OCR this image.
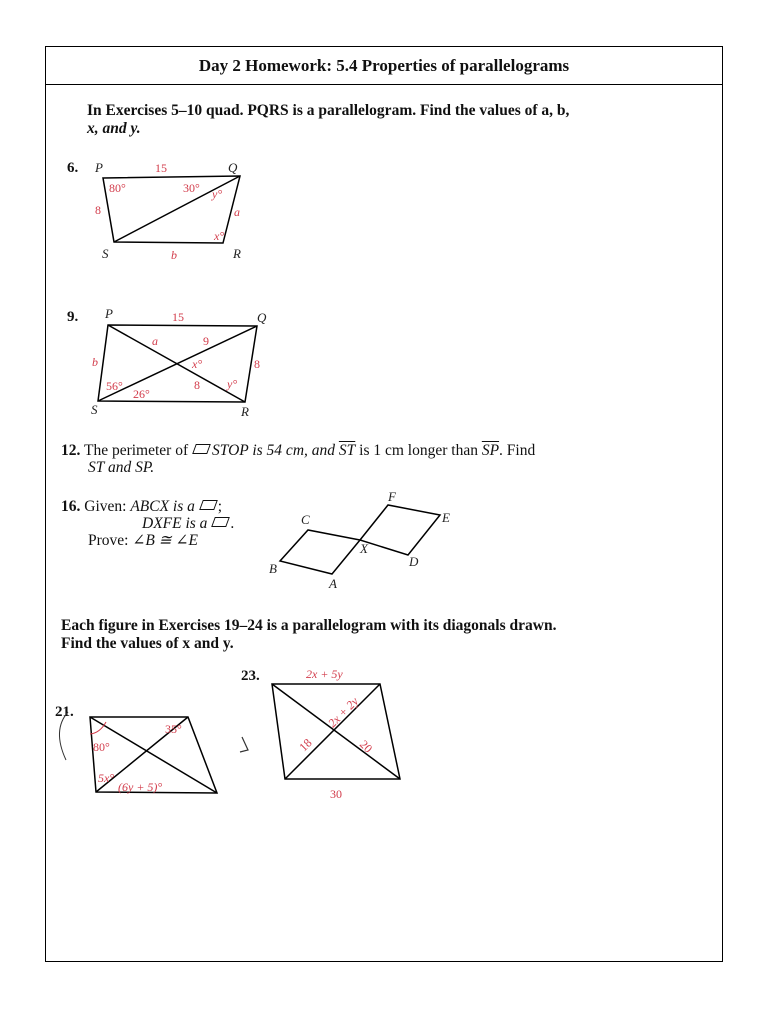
Day 2 Homework: 5.4 Properties of parallelograms
In Exercises 5–10 quad. PQRS is a parallelogram. Find the values of a, b,
x, and y.
6. P	Q
R
S
15
80°	30° y°
8	a
x°
b
9. P	Q
R
S
15
a	9
x°	8
b
8
56°
26°
y°
12. The perimeter of STOP is 54 cm, and $\overline{ST}$ is 1 cm longer than $\overline{SP}$. Find
ST and SP.
16. Given: ABCX is a ;
DXFE is a .
Prove: ∠B ≅ ∠E
C
F
E
X
D
B
A
Each figure in Exercises 19–24 is a parallelogram with its diagonals drawn.
Find the values of x and y.
21.
35°
80°
5x°
(6y + 5)°
23.	2x + 5y
2x + 2y
18	20
30
